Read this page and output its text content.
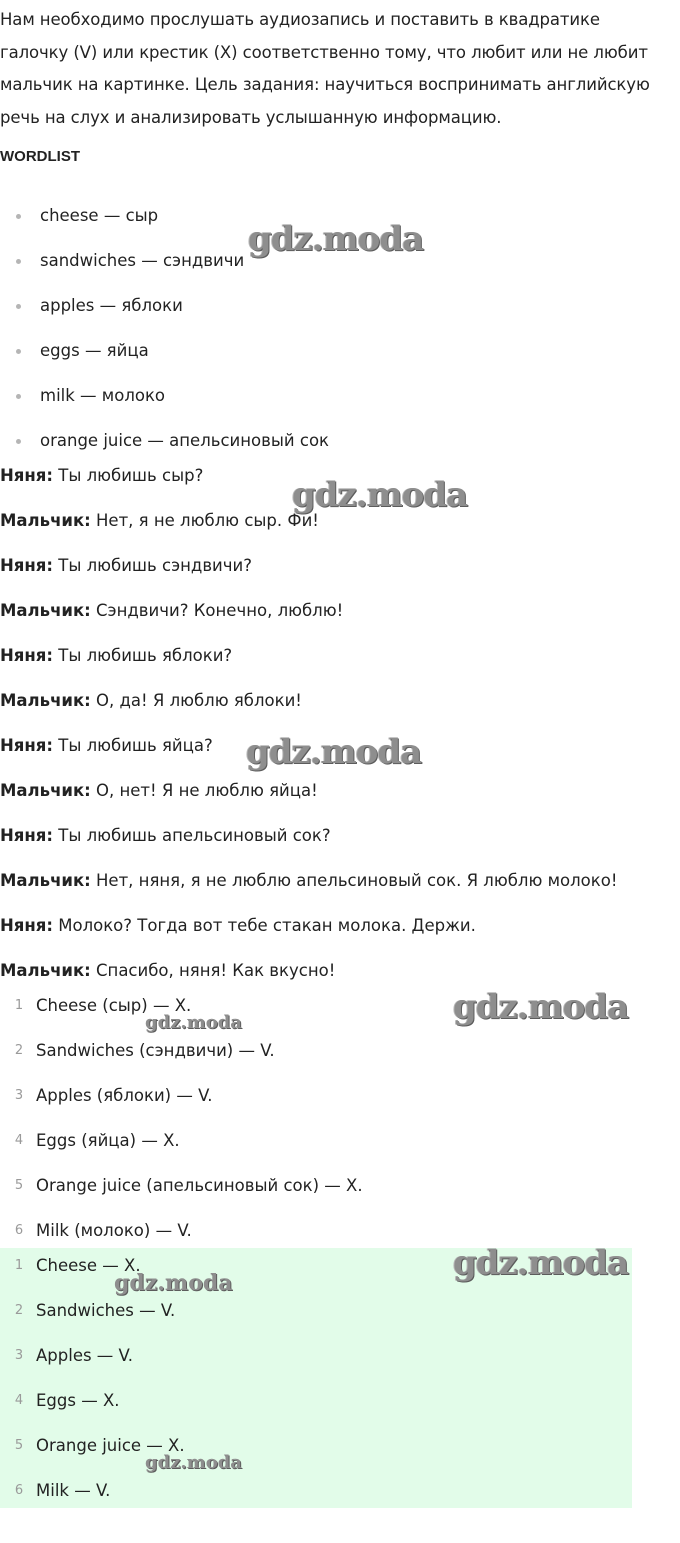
Нам необходимо прослушать аудиозапись и поставить в квадратике галочку (V) или крестик (X) соответственно тому, что любит или не любит мальчик на картинке. Цель задания: научиться воспринимать английскую речь на слух и анализировать услышанную информацию.

WORDLIST
cheese — сыр
sandwiches — сэндвичи
apples — яблоки
eggs — яйца
milk — молоко
orange juice — апельсиновый сок
Няня: Ты любишь сыр?
Мальчик: Нет, я не люблю сыр. Фи!
Няня: Ты любишь сэндвичи?
Мальчик: Сэндвичи? Конечно, люблю!
Няня: Ты любишь яблоки?
Мальчик: О, да! Я люблю яблоки!
Няня: Ты любишь яйца?
Мальчик: О, нет! Я не люблю яйца!
Няня: Ты любишь апельсиновый сок?
Мальчик: Нет, няня, я не люблю апельсиновый сок. Я люблю молоко!
Няня: Молоко? Тогда вот тебе стакан молока. Держи.
Мальчик: Спасибо, няня! Как вкусно!
1 Cheese (сыр) — X.
2 Sandwiches (сэндвичи) — V.
3 Apples (яблоки) — V.
4 Eggs (яйца) — X.
5 Orange juice (апельсиновый сок) — X.
6 Milk (молоко) — V.
1 Cheese — X.
2 Sandwiches — V.
3 Apples — V.
4 Eggs — X.
5 Orange juice — X.
6 Milk — V.
gdz.moda
gdz.moda
gdz.moda
gdz.moda
gdz.moda
gdz.moda
gdz.moda
gdz.moda
